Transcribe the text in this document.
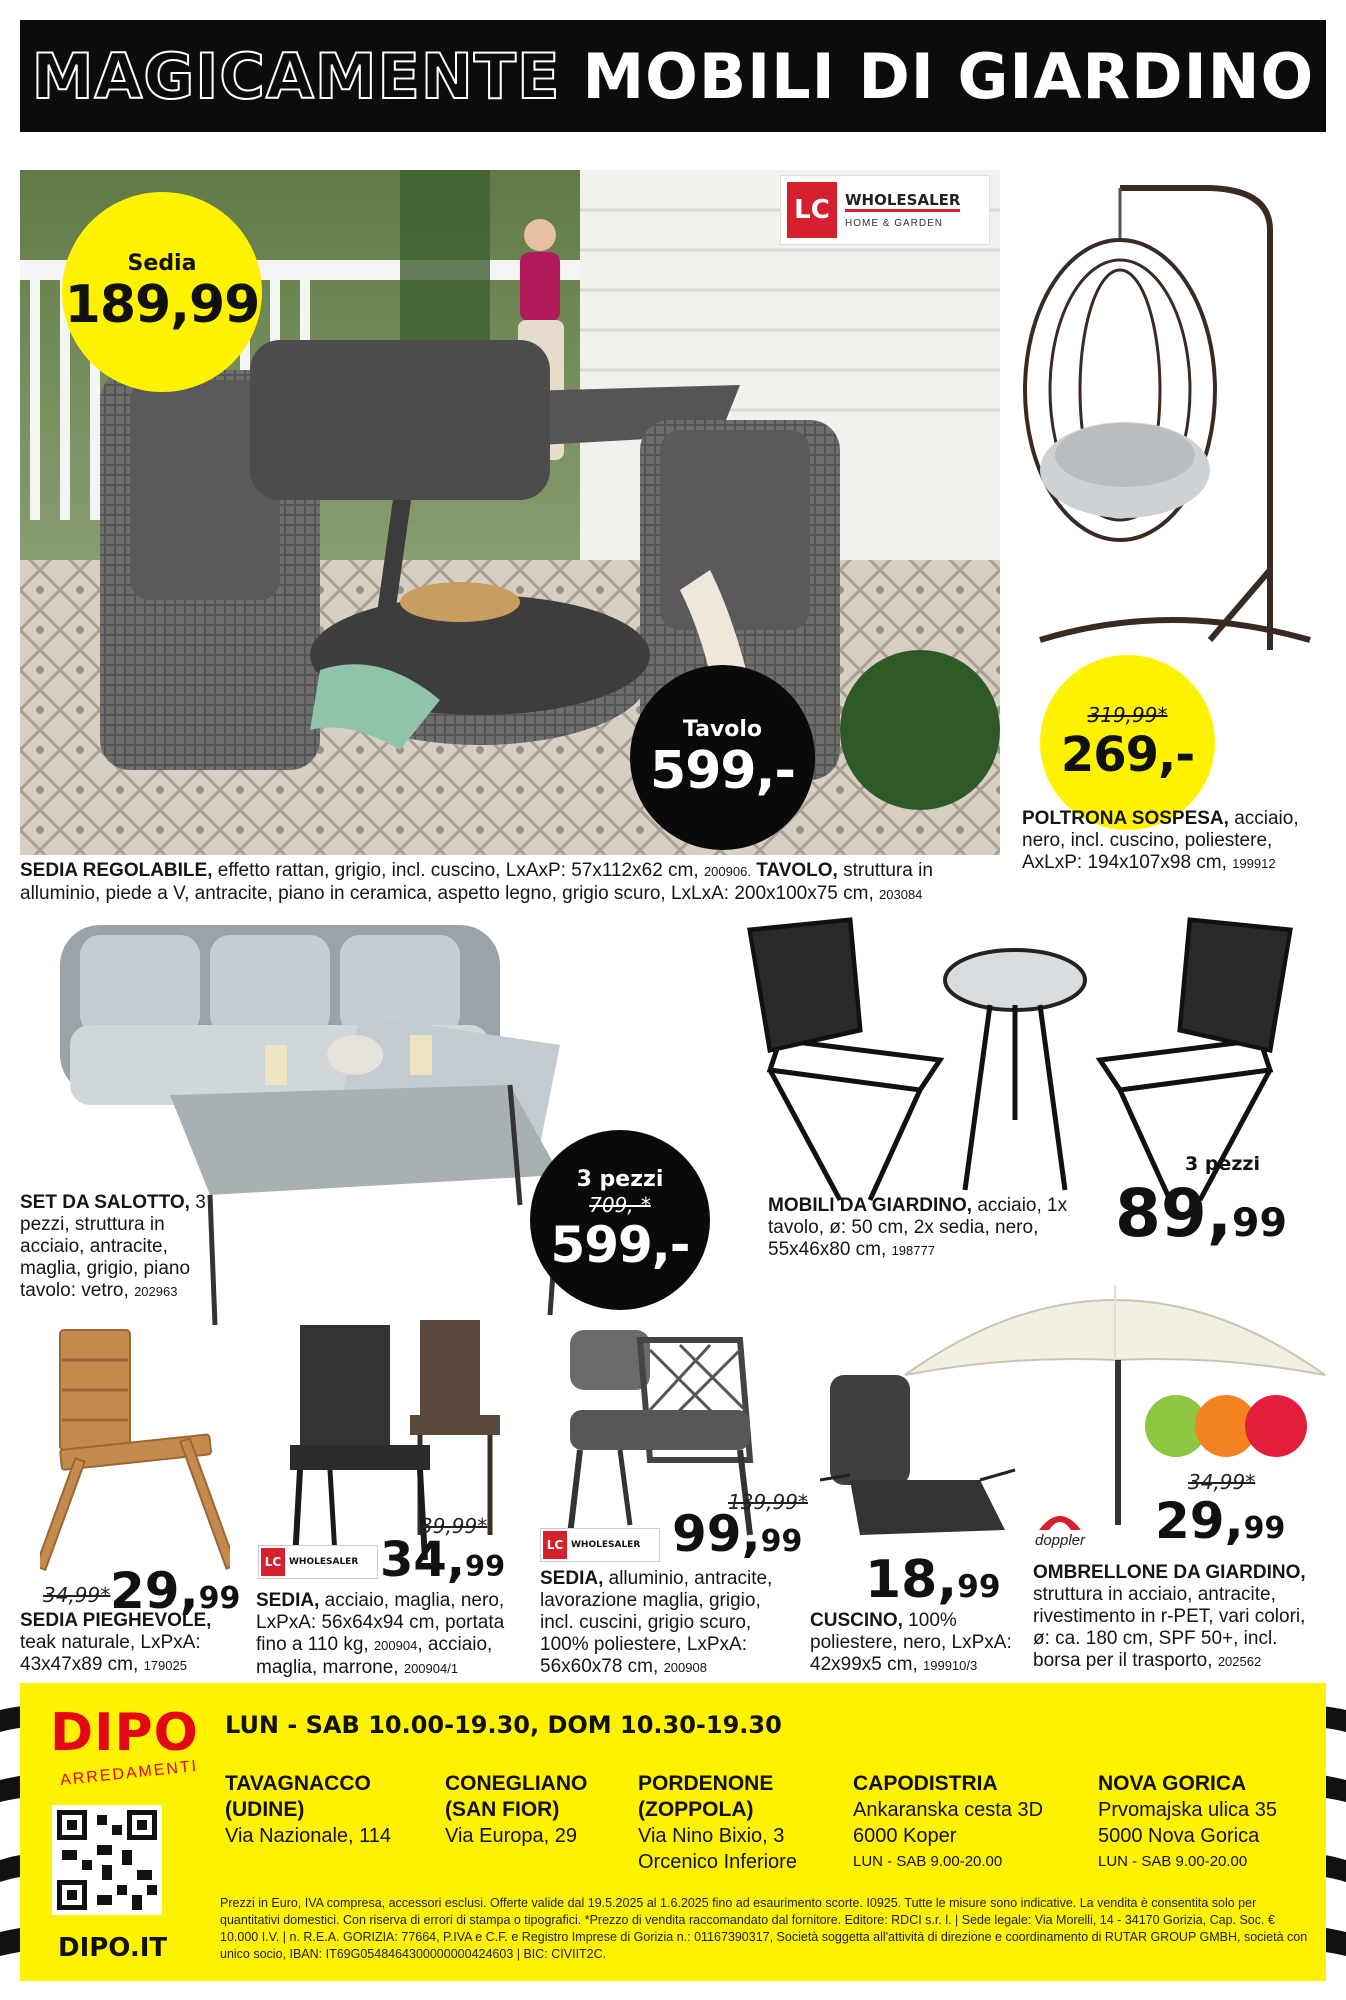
MAGICAMENTE MOBILI DI GIARDINO
LC	WHOLESALER
HOME & GARDEN
Sedia
189,99
Tavolo
599,-
SEDIA REGOLABILE, effetto rattan, grigio, incl. cuscino, LxAxP: 57x112x62 cm, 200906. TAVOLO, struttura in alluminio, piede a V, antracite, piano in ceramica, aspetto legno, grigio scuro, LxLxA: 200x100x75 cm, 203084
319,99*
269,-
POLTRONA SOSPESA, acciaio, nero, incl. cuscino, poliestere, AxLxP: 194x107x98 cm, 199912
3 pezzi
709,-*
599,-
SET DA SALOTTO, 3 pezzi, struttura in acciaio, antracite, maglia, grigio, piano tavolo: vetro, 202963
3 pezzi
89,99
MOBILI DA GIARDINO, acciaio, 1x tavolo, ø: 50 cm, 2x sedia, nero, 55x46x80 cm, 198777
34,99* 29,99
SEDIA PIEGHEVOLE, teak naturale, LxPxA: 43x47x89 cm, 179025
LC WHOLESALER
39,99*
34,99
SEDIA, acciaio, maglia, nero, LxPxA: 56x64x94 cm, portata fino a 110 kg, 200904, acciaio, maglia, marrone, 200904/1
LC WHOLESALER
139,99*
99,99
SEDIA, alluminio, antracite, lavorazione maglia, grigio, incl. cuscini, grigio scuro, 100% poliestere, LxPxA: 56x60x78 cm, 200908
18,99
CUSCINO, 100% poliestere, nero, LxPxA: 42x99x5 cm, 199910/3
doppler
34,99*
29,99
OMBRELLONE DA GIARDINO, struttura in acciaio, antracite, rivestimento in r-PET, vari colori, ø: ca. 180 cm, SPF 50+, incl. borsa per il trasporto, 202562
DIPO
ARREDAMENTI
LUN - SAB 10.00-19.30, DOM 10.30-19.30
TAVAGNACCO
(UDINE)
Via Nazionale, 114
CONEGLIANO
(SAN FIOR)
Via Europa, 29
PORDENONE
(ZOPPOLA)
Via Nino Bixio, 3
Orcenico Inferiore
CAPODISTRIA
Ankaranska cesta 3D
6000 Koper
LUN - SAB 9.00-20.00
NOVA GORICA
Prvomajska ulica 35
5000 Nova Gorica
LUN - SAB 9.00-20.00
DIPO.IT
Prezzi in Euro, IVA compresa, accessori esclusi. Offerte valide dal 19.5.2025 al 1.6.2025 fino ad esaurimento scorte. I0925. Tutte le misure sono indicative. La vendita è consentita solo per quantitativi domestici. Con riserva di errori di stampa o tipografici. *Prezzo di vendita raccomandato dal fornitore. Editore: RDCI s.r. l. | Sede legale: Via Morelli, 14 - 34170 Gorizia, Cap. Soc. € 10.000 I.V. | n. R.E.A. GORIZIA: 77664, P.IVA e C.F. e Registro Imprese di Gorizia n.: 01167390317, Società soggetta all'attività di direzione e coordinamento di RUTAR GROUP GMBH, società con unico socio, IBAN: IT69G0548464300000000424603 | BIC: CIVIIT2C.
